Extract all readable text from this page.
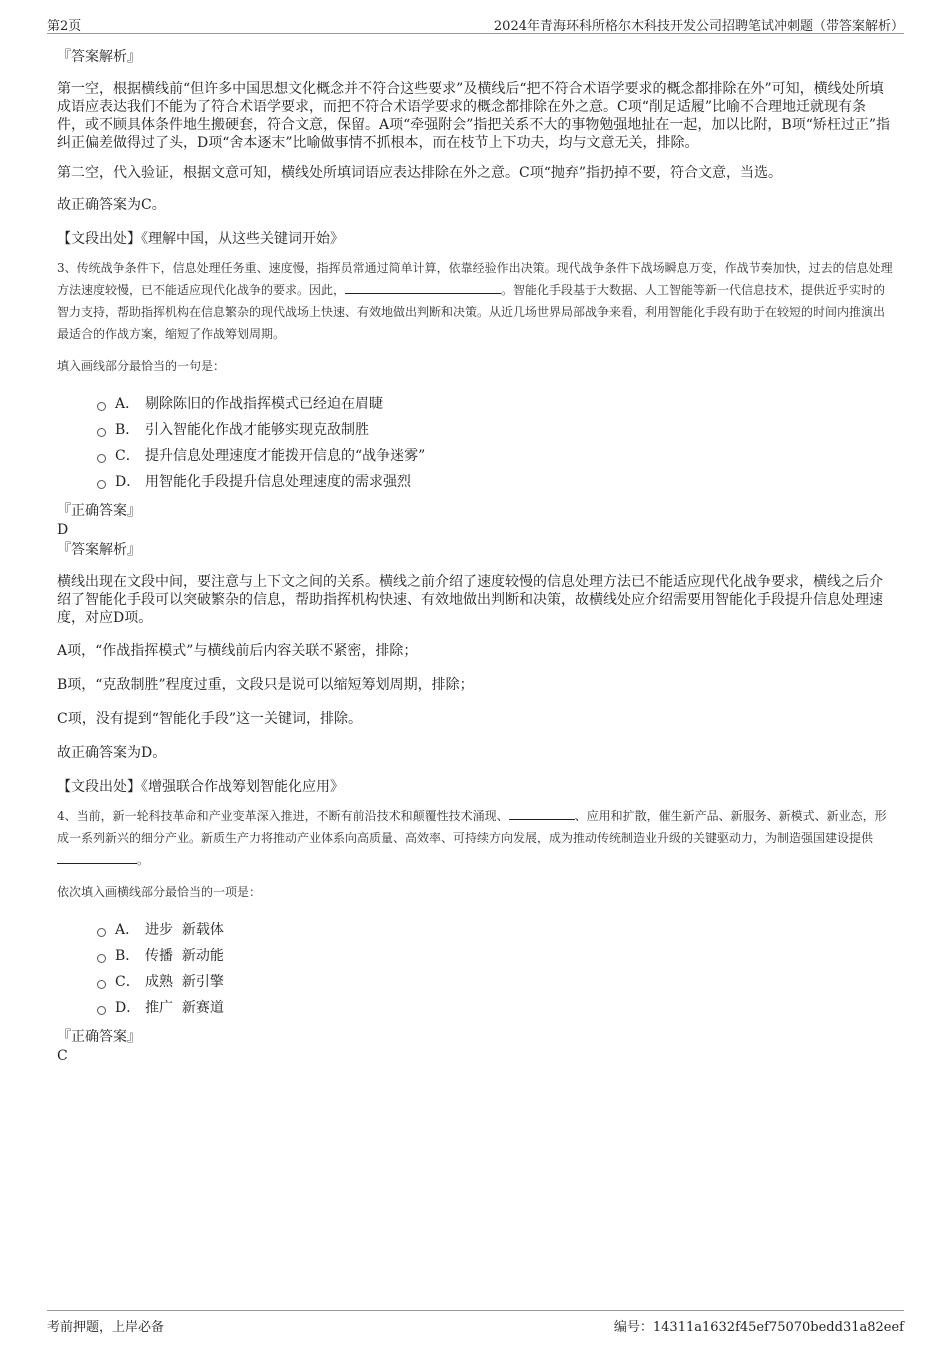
第2页	2024年青海环科所格尔木科技开发公司招聘笔试冲刺题（带答案解析）
『答案解析』

第一空，根据横线前“但许多中国思想文化概念并不符合这些要求”及横线后“把不符合术语学要求的概念都排除在外”可知，横线处所填成语应表达我们不能为了符合术语学要求，而把不符合术语学要求的概念都排除在外之意。C项“削足适履”比喻不合理地迁就现有条件，或不顾具体条件地生搬硬套，符合文意，保留。A项“牵强附会”指把关系不大的事物勉强地扯在一起，加以比附，B项“矫枉过正”指纠正偏差做得过了头，D项“舍本逐末”比喻做事情不抓根本，而在枝节上下功夫，均与文意无关，排除。

第二空，代入验证，根据文意可知，横线处所填词语应表达排除在外之意。C项“抛弃”指扔掉不要，符合文意，当选。

故正确答案为C。

【文段出处】《理解中国，从这些关键词开始》

3、传统战争条件下，信息处理任务重、速度慢，指挥员常通过简单计算，依靠经验作出决策。现代战争条件下战场瞬息万变，作战节奏加快，过去的信息处理方法速度较慢，已不能适应现代化战争的要求。因此，	。智能化手段基于大数据、人工智能等新一代信息技术，提供近乎实时的智力支持，帮助指挥机构在信息繁杂的现代战场上快速、有效地做出判断和决策。从近几场世界局部战争来看，利用智能化手段有助于在较短的时间内推演出最适合的作战方案，缩短了作战筹划周期。

填入画线部分最恰当的一句是：

A． 剔除陈旧的作战指挥模式已经迫在眉睫
B． 引入智能化作战才能够实现克敌制胜
C． 提升信息处理速度才能拨开信息的“战争迷雾”
D． 用智能化手段提升信息处理速度的需求强烈
『正确答案』
D
『答案解析』

横线出现在文段中间，要注意与上下文之间的关系。横线之前介绍了速度较慢的信息处理方法已不能适应现代化战争要求，横线之后介绍了智能化手段可以突破繁杂的信息，帮助指挥机构快速、有效地做出判断和决策，故横线处应介绍需要用智能化手段提升信息处理速度，对应D项。

A项，“作战指挥模式”与横线前后内容关联不紧密，排除；

B项，“克敌制胜”程度过重，文段只是说可以缩短筹划周期，排除；

C项，没有提到“智能化手段”这一关键词，排除。

故正确答案为D。

【文段出处】《增强联合作战筹划智能化应用》

4、当前，新一轮科技革命和产业变革深入推进，不断有前沿技术和颠覆性技术涌现、	、应用和扩散，催生新产品、新服务、新模式、新业态，形成一系列新兴的细分产业。新质生产力将推动产业体系向高质量、高效率、可持续方向发展，成为推动传统制造业升级的关键驱动力，为制造强国建设提供。

依次填入画横线部分最恰当的一项是：

A． 进步  新载体
B． 传播  新动能
C． 成熟  新引擎
D． 推广  新赛道
『正确答案』
C
考前押题，上岸必备	编号：14311a1632f45ef75070bedd31a82eef
